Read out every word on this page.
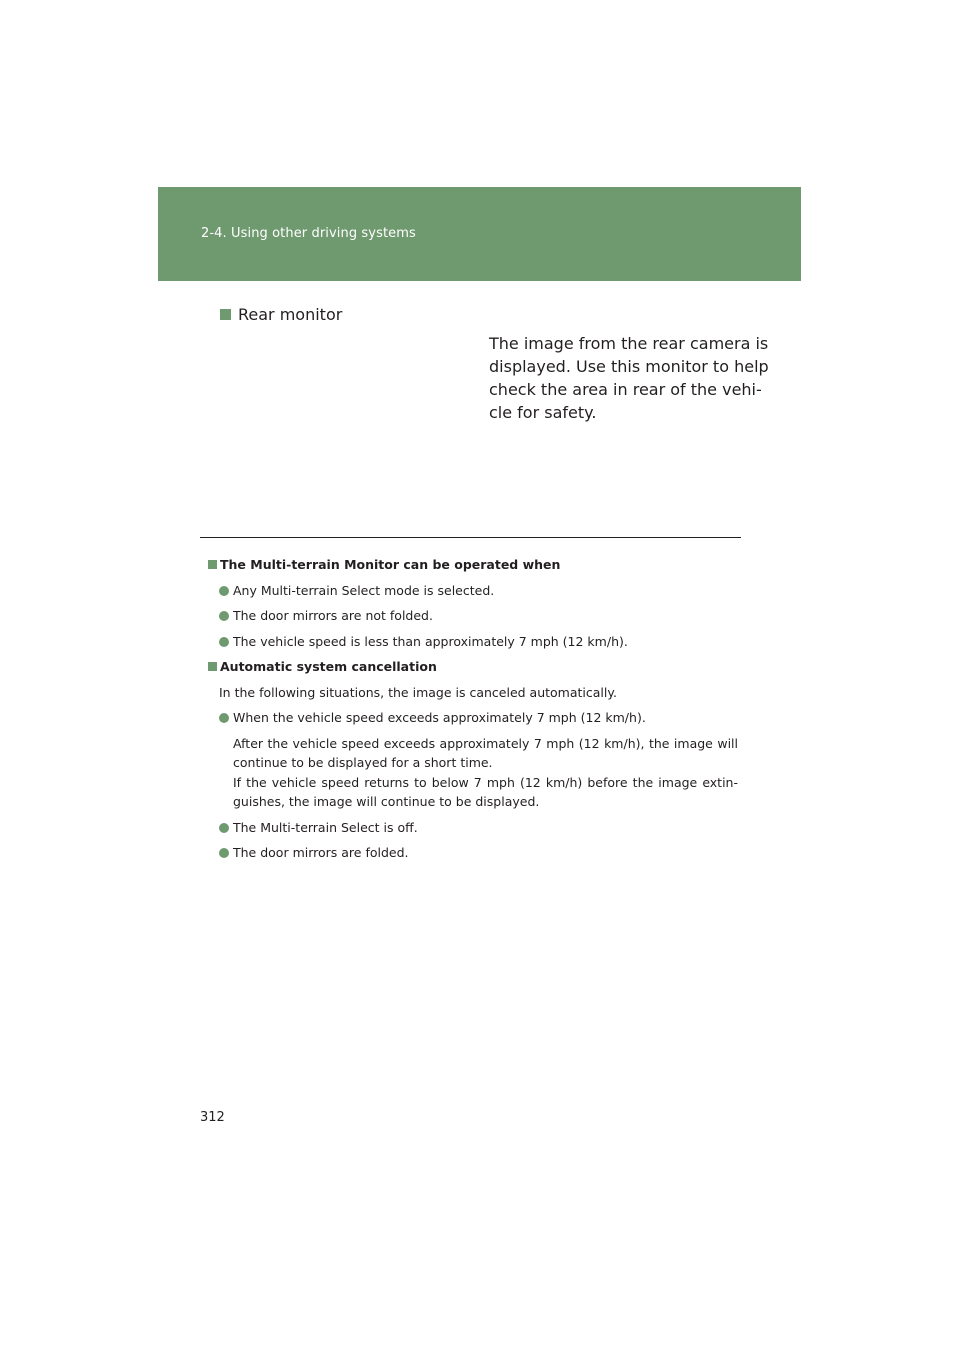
2-4. Using other driving systems
Rear monitor
The image from the rear camera is
displayed. Use this monitor to help
check the area in rear of the vehi-
cle for safety.
The Multi-terrain Monitor can be operated when
Any Multi-terrain Select mode is selected.
The door mirrors are not folded.
The vehicle speed is less than approximately 7 mph (12 km/h).
Automatic system cancellation
In the following situations, the image is canceled automatically.
When the vehicle speed exceeds approximately 7 mph (12 km/h).
After the vehicle speed exceeds approximately 7 mph (12 km/h), the image will continue to be displayed for a short time.
If the vehicle speed returns to below 7 mph (12 km/h) before the image extin-guishes, the image will continue to be displayed.
The Multi-terrain Select is off.
The door mirrors are folded.
312
